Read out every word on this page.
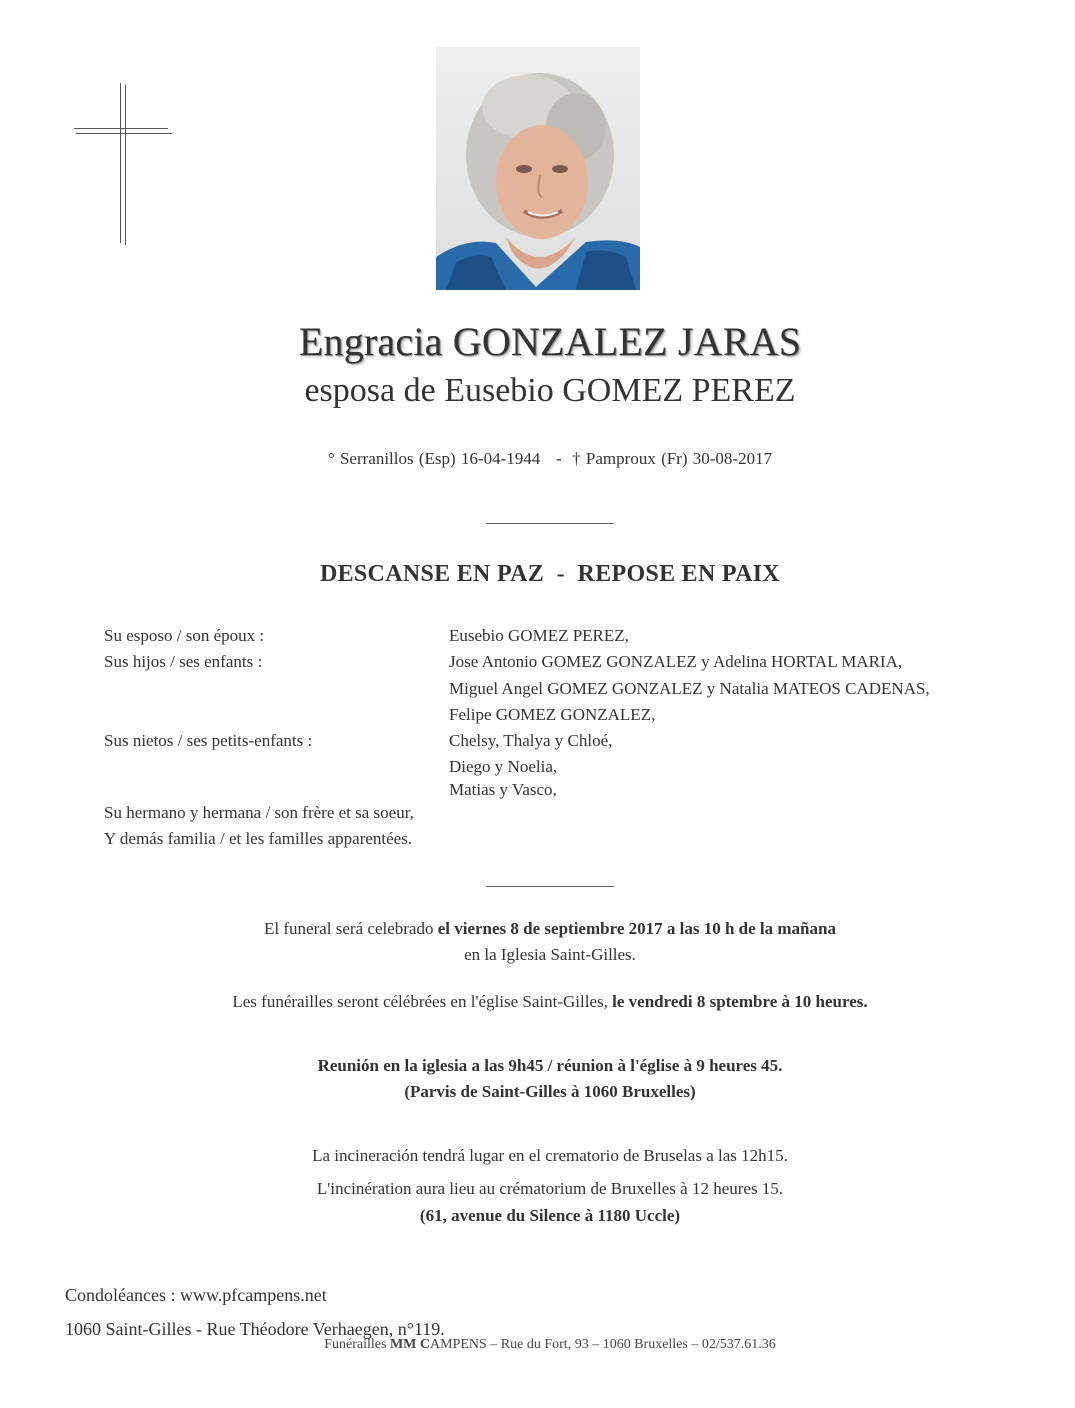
Engracia GONZALEZ JARAS
esposa de Eusebio GOMEZ PEREZ
° Serranillos (Esp) 16-04-1944   -  † Pamproux (Fr) 30-08-2017
_______________
DESCANSE EN PAZ  -  REPOSE EN PAIX
Su esposo / son époux :	Eusebio GOMEZ PEREZ,
Sus hijos / ses enfants :	Jose Antonio GOMEZ GONZALEZ y Adelina HORTAL MARIA,
Miguel Angel GOMEZ GONZALEZ y Natalia MATEOS CADENAS,
Felipe GOMEZ GONZALEZ,
Sus nietos / ses petits-enfants :	Chelsy, Thalya y Chloé,
Diego y Noelia,
Matias y Vasco,
Su hermano y hermana / son frère et sa soeur,
Y demás familia / et les familles apparentées.
_______________
El funeral será celebrado el viernes 8 de septiembre 2017 a las 10 h de la mañana
en la Iglesia Saint-Gilles.
Les funérailles seront célébrées en l'église Saint-Gilles, le vendredi 8 sptembre à 10 heures.
Reunión en la iglesia a las 9h45 / réunion à l'église à 9 heures 45.
(Parvis de Saint-Gilles à 1060 Bruxelles)
La incineración tendrá lugar en el crematorio de Bruselas a las 12h15.
L'incinération aura lieu au crématorium de Bruxelles à 12 heures 15.
(61, avenue du Silence à 1180 Uccle)
Condoléances : www.pfcampens.net
1060 Saint-Gilles - Rue Théodore Verhaegen, n°119.
Funérailles MM CAMPENS – Rue du Fort, 93 – 1060 Bruxelles – 02/537.61.36
